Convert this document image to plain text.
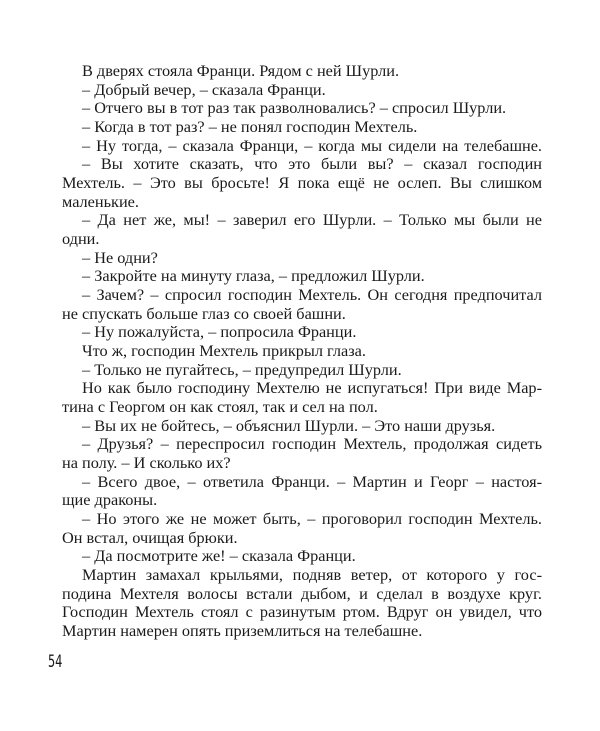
В дверях стояла Франци. Рядом с ней Шурли.
– Добрый вечер, – сказала Франци.
– Отчего вы в тот раз так разволновались? – спросил Шурли.
– Когда в тот раз? – не понял господин Мехтель.
– Ну тогда, – сказала Франци, – когда мы сидели на телебашне.
– Вы хотите сказать, что это были вы? – сказал господин
Мехтель. – Это вы бросьте! Я пока ещё не ослеп. Вы слишком
маленькие.
– Да нет же, мы! – заверил его Шурли. – Только мы были не
одни.
– Не одни?
– Закройте на минуту глаза, – предложил Шурли.
– Зачем? – спросил господин Мехтель. Он сегодня предпочитал
не спускать больше глаз со своей башни.
– Ну пожалуйста, – попросила Франци.
Что ж, господин Мехтель прикрыл глаза.
– Только не пугайтесь, – предупредил Шурли.
Но как было господину Мехтелю не испугаться! При виде Мар-
тина с Георгом он как стоял, так и сел на пол.
– Вы их не бойтесь, – объяснил Шурли. – Это наши друзья.
– Друзья? – переспросил господин Мехтель, продолжая сидеть
на полу. – И сколько их?
– Всего двое, – ответила Франци. – Мартин и Георг – настоя-
щие драконы.
– Но этого же не может быть, – проговорил господин Мехтель.
Он встал, очищая брюки.
– Да посмотрите же! – сказала Франци.
Мартин замахал крыльями, подняв ветер, от которого у гос-
подина Мехтеля волосы встали дыбом, и сделал в воздухе круг.
Господин Мехтель стоял с разинутым ртом. Вдруг он увидел, что
Мартин намерен опять приземлиться на телебашне.
54
